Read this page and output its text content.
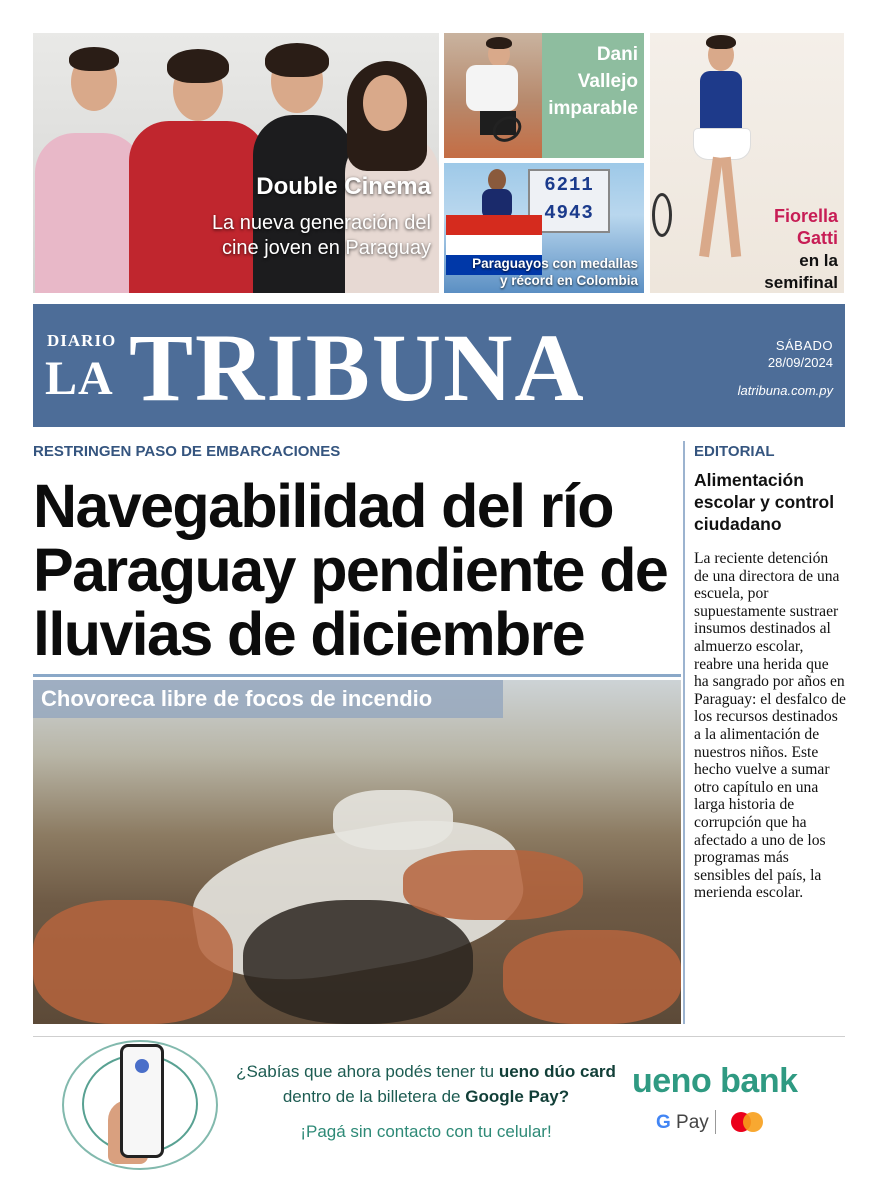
Double Cinema
La nueva generación del cine joven en Paraguay
Dani
Vallejo
imparable
6211
4943
Paraguayos con medallas
y récord en Colombia
Fiorella
Gatti
en la
semifinal
DIARIO
LA TRIBUNA	SÁBADO
28/09/2024
latribuna.com.py
RESTRINGEN PASO DE EMBARCACIONES
Navegabilidad del río Paraguay pendiente de lluvias de diciembre
Chovoreca libre de focos de incendio
EDITORIAL
Alimentación escolar y control ciudadano
La reciente detención de una directora de una escuela, por supuestamente sustraer insumos destinados al almuerzo escolar, reabre una herida que ha sangrado por años en Paraguay: el desfalco de los recursos destinados a la alimentación de nuestros niños. Este hecho vuelve a sumar otro capítulo en una larga historia de corrupción que ha afectado a uno de los programas más sensibles del país, la merienda escolar.
¿Sabías que ahora podés tener tu ueno dúo card
dentro de la billetera de Google Pay?
¡Pagá sin contacto con tu celular!
ueno bank
G Pay
